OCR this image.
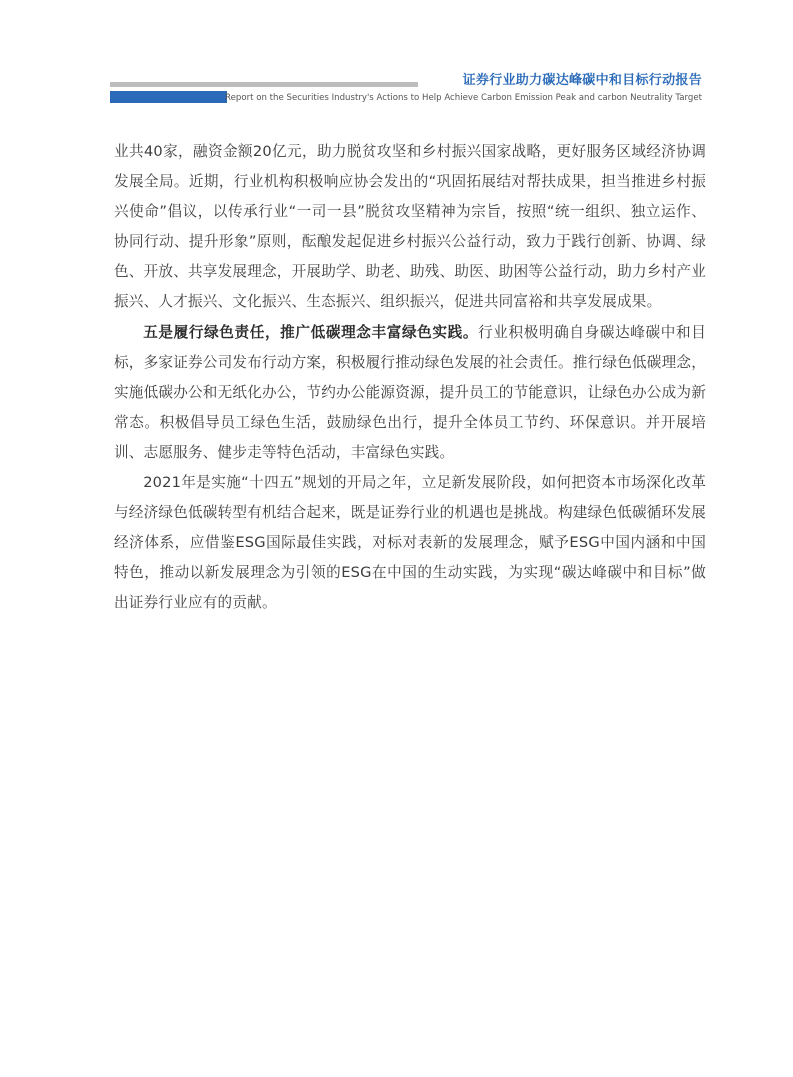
证券行业助力碳达峰碳中和目标行动报告
Report on the Securities Industry's Actions to Help Achieve Carbon Emission Peak and carbon Neutrality Target

业共40家，融资金额20亿元，助力脱贫攻坚和乡村振兴国家战略，更好服务区域经济协调发展全局。近期，行业机构积极响应协会发出的“巩固拓展结对帮扶成果，担当推进乡村振兴使命”倡议，以传承行业“一司一县”脱贫攻坚精神为宗旨，按照“统一组织、独立运作、协同行动、提升形象”原则，酝酿发起促进乡村振兴公益行动，致力于践行创新、协调、绿色、开放、共享发展理念，开展助学、助老、助残、助医、助困等公益行动，助力乡村产业振兴、人才振兴、文化振兴、生态振兴、组织振兴，促进共同富裕和共享发展成果。

五是履行绿色责任，推广低碳理念丰富绿色实践。行业积极明确自身碳达峰碳中和目标，多家证券公司发布行动方案，积极履行推动绿色发展的社会责任。推行绿色低碳理念，实施低碳办公和无纸化办公，节约办公能源资源，提升员工的节能意识，让绿色办公成为新常态。积极倡导员工绿色生活，鼓励绿色出行，提升全体员工节约、环保意识。并开展培训、志愿服务、健步走等特色活动，丰富绿色实践。

2021年是实施“十四五”规划的开局之年，立足新发展阶段，如何把资本市场深化改革与经济绿色低碳转型有机结合起来，既是证券行业的机遇也是挑战。构建绿色低碳循环发展经济体系，应借鉴ESG国际最佳实践，对标对表新的发展理念，赋予ESG中国内涵和中国特色，推动以新发展理念为引领的ESG在中国的生动实践，为实现“碳达峰碳中和目标”做出证券行业应有的贡献。
